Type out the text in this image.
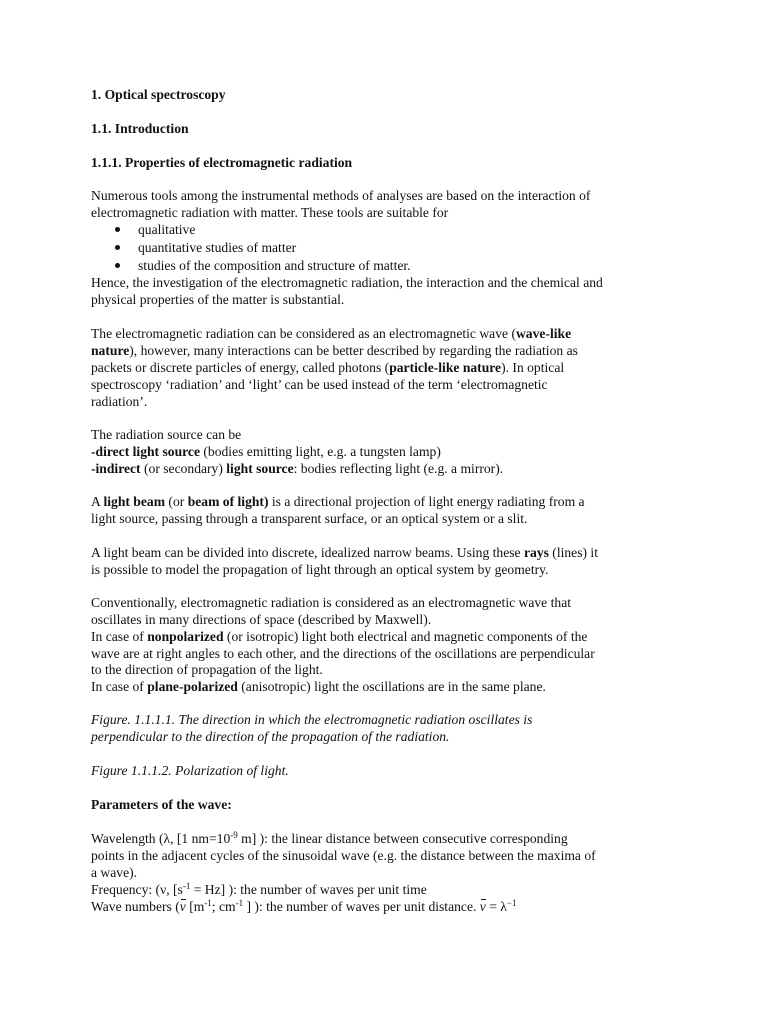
1. Optical spectroscopy
1.1. Introduction
1.1.1. Properties of electromagnetic radiation
Numerous tools among the instrumental methods of analyses are based on the interaction of
electromagnetic radiation with matter. These tools are suitable for
qualitative
quantitative studies of matter
studies of the composition and structure of matter.
Hence, the investigation of the electromagnetic radiation, the interaction and the chemical and
physical properties of the matter is substantial.
The electromagnetic radiation can be considered as an electromagnetic wave (wave-like
nature), however, many interactions can be better described by regarding the radiation as
packets or discrete particles of energy, called photons (particle-like nature). In optical
spectroscopy ‘radiation’ and ‘light’ can be used instead of the term ‘electromagnetic
radiation’.
The radiation source can be
-direct light source (bodies emitting light, e.g. a tungsten lamp)
-indirect (or secondary) light source: bodies reflecting light (e.g. a mirror).
A light beam (or beam of light) is a directional projection of light energy radiating from a
light source, passing through a transparent surface, or an optical system or a slit.
A light beam can be divided into discrete, idealized narrow beams. Using these rays (lines) it
is possible to model the propagation of light through an optical system by geometry.
Conventionally, electromagnetic radiation is considered as an electromagnetic wave that
oscillates in many directions of space (described by Maxwell).
In case of nonpolarized (or isotropic) light both electrical and magnetic components of the
wave are at right angles to each other, and the directions of the oscillations are perpendicular
to the direction of propagation of the light.
In case of plane-polarized (anisotropic) light the oscillations are in the same plane.
Figure. 1.1.1.1. The direction in which the electromagnetic radiation oscillates is
perpendicular to the direction of the propagation of the radiation.
Figure 1.1.1.2. Polarization of light.
Parameters of the wave:
Wavelength (λ, [1 $nm=10^{-9}$ m] ): the linear distance between consecutive corresponding
points in the adjacent cycles of the sinusoidal wave (e.g. the distance between the maxima of
a wave).
Frequency: (ν, $[s^{-1} = Hz]$ ): the number of waves per unit time
Wave numbers (ν [$m^{-1}$; $cm^{-1}$ ] ): the number of waves per unit distance. $\nu = \lambda^{-1}$
